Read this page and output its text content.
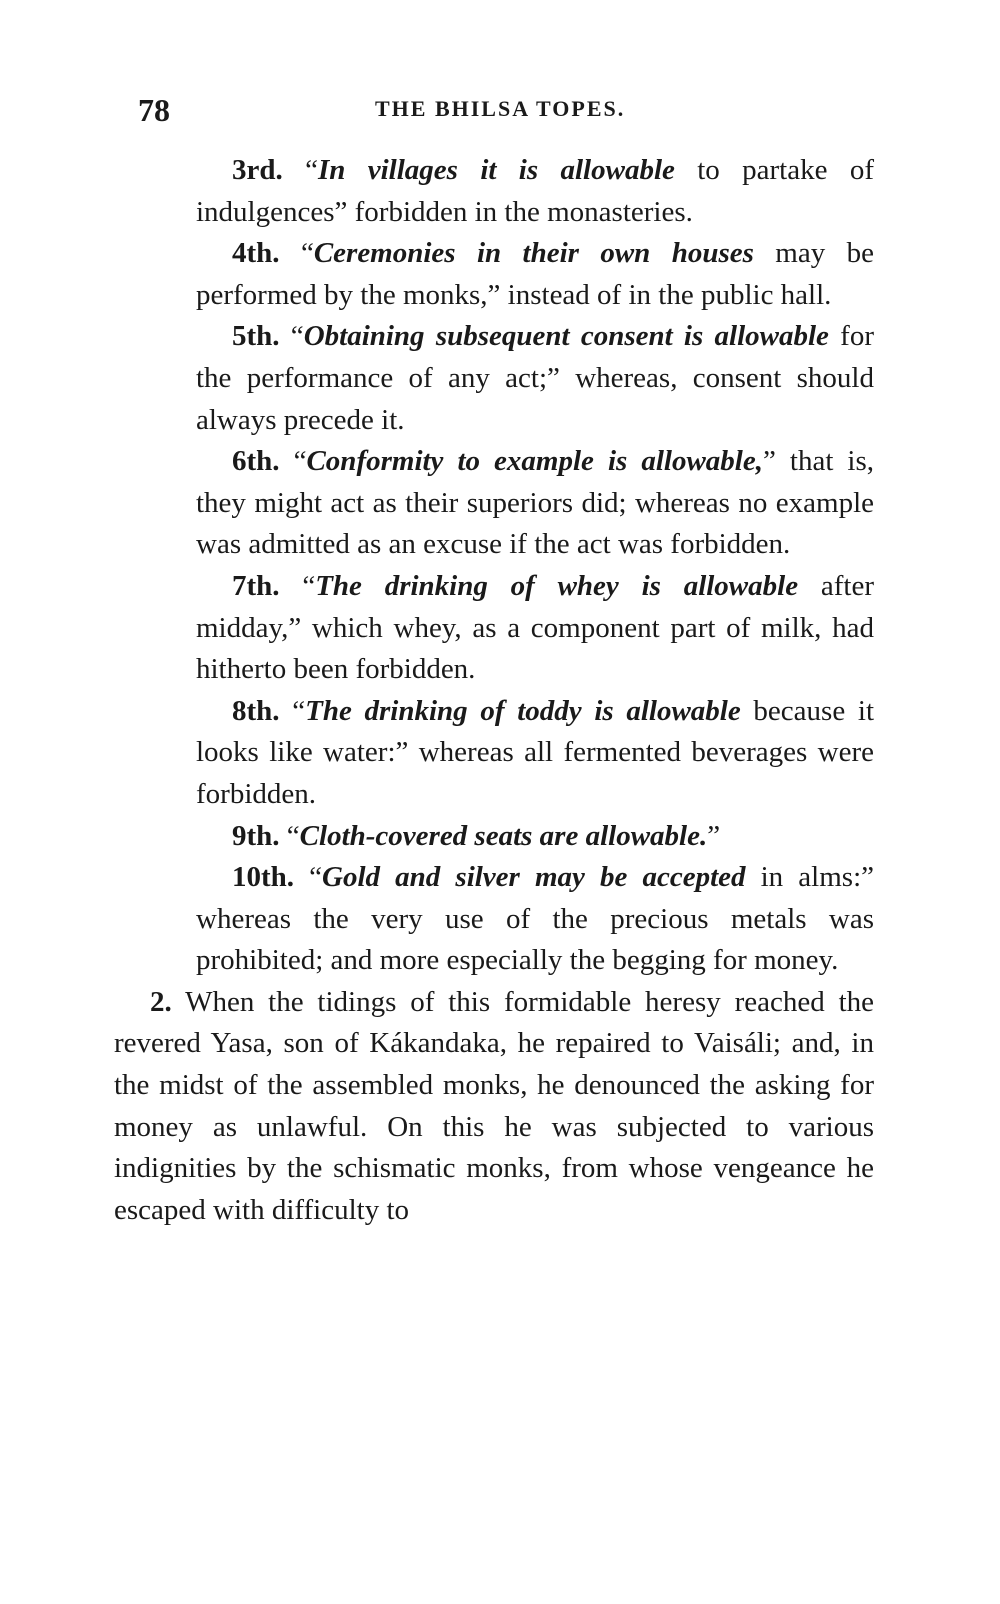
78	THE BHILSA TOPES.

3rd. “In villages it is allowable to partake of indulgences” forbidden in the monasteries.

4th. “Ceremonies in their own houses may be performed by the monks,” instead of in the public hall.

5th. “Obtaining subsequent consent is allowable for the performance of any act;” whereas, consent should always precede it.

6th. “Conformity to example is allowable,” that is, they might act as their superiors did; whereas no example was admitted as an excuse if the act was forbidden.

7th. “The drinking of whey is allowable after midday,” which whey, as a component part of milk, had hitherto been forbidden.

8th. “The drinking of toddy is allowable because it looks like water:” whereas all fermented beverages were forbidden.

9th. “Cloth-covered seats are allowable.”

10th. “Gold and silver may be accepted in alms:” whereas the very use of the precious metals was prohibited; and more especially the begging for money.

2. When the tidings of this formidable heresy reached the revered Yasa, son of Kákandaka, he repaired to Vaisáli; and, in the midst of the assembled monks, he denounced the asking for money as unlawful. On this he was subjected to various indignities by the schismatic monks, from whose vengeance he escaped with difficulty to
